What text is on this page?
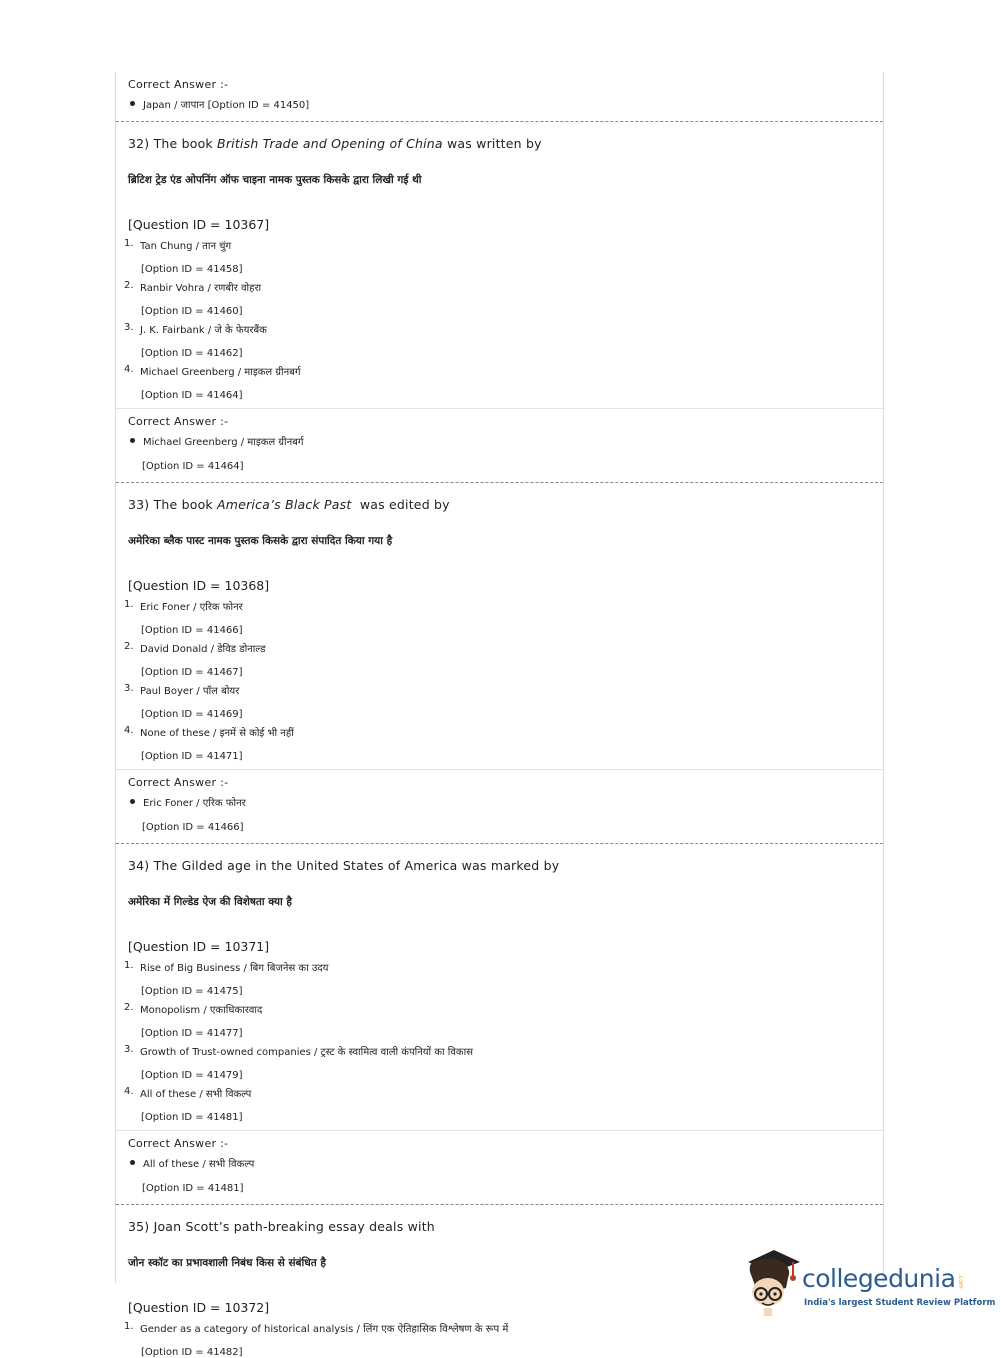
Correct Answer :-

Japan / जापान [Option ID = 41450]

32) The book British Trade and Opening of China was written by

ब्रिटिश ट्रेड एंड ओपनिंग ऑफ चाइना नामक पुस्तक किसके द्वारा लिखी गई थी

[Question ID = 10367]

1. Tan Chung / तान चुंग

[Option ID = 41458]

2. Ranbir Vohra / रणबीर वोहरा

[Option ID = 41460]

3. J. K. Fairbank / जे के फेयरबैंक

[Option ID = 41462]

4. Michael Greenberg / माइकल ग्रीनबर्ग

[Option ID = 41464]

Correct Answer :-

Michael Greenberg / माइकल ग्रीनबर्ग

[Option ID = 41464]

33) The book America’s Black Past  was edited by

अमेरिका ब्लैक पास्ट नामक पुस्तक किसके द्वारा संपादित किया गया है

[Question ID = 10368]

1. Eric Foner / एरिक फोनर

[Option ID = 41466]

2. David Donald / डेविड डोनाल्ड

[Option ID = 41467]

3. Paul Boyer / पॉल बोयर

[Option ID = 41469]

4. None of these / इनमें से कोई भी नहीं

[Option ID = 41471]

Correct Answer :-

Eric Foner / एरिक फोनर

[Option ID = 41466]

34) The Gilded age in the United States of America was marked by

अमेरिका में गिल्डेड ऐज की विशेषता क्या है

[Question ID = 10371]

1. Rise of Big Business / बिग बिजनेस का उदय

[Option ID = 41475]

2. Monopolism / एकाधिकारवाद

[Option ID = 41477]

3. Growth of Trust-owned companies / ट्रस्ट के स्वामित्व वाली कंपनियों का विकास

[Option ID = 41479]

4. All of these / सभी विकल्प

[Option ID = 41481]

Correct Answer :-

All of these / सभी विकल्प

[Option ID = 41481]

35) Joan Scott’s path-breaking essay deals with

जोन स्कॉट का प्रभावशाली निबंध किस से संबंधित है

[Question ID = 10372]

1. Gender as a category of historical analysis / लिंग एक ऐतिहासिक विश्लेषण के रूप में

[Option ID = 41482]

collegedunia .com
India's largest Student Review Platform
